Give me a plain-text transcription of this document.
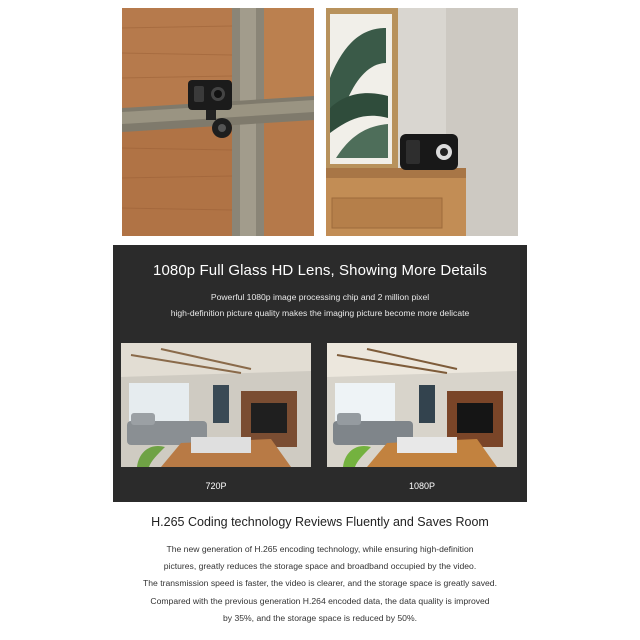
1080p Full Glass HD Lens, Showing More Details
Powerful 1080p image processing chip and 2 million pixel
high-definition picture quality makes the imaging picture become more delicate
720P	1080P
H.265 Coding technology Reviews Fluently and Saves Room
The new generation of H.265 encoding technology, while ensuring high-definition
pictures, greatly reduces the storage space and broadband occupied by the video.
The transmission speed is faster, the video is clearer, and the storage space is greatly saved.
Compared with the previous generation H.264 encoded data, the data quality is improved
by 35%, and the storage space is reduced by 50%.
